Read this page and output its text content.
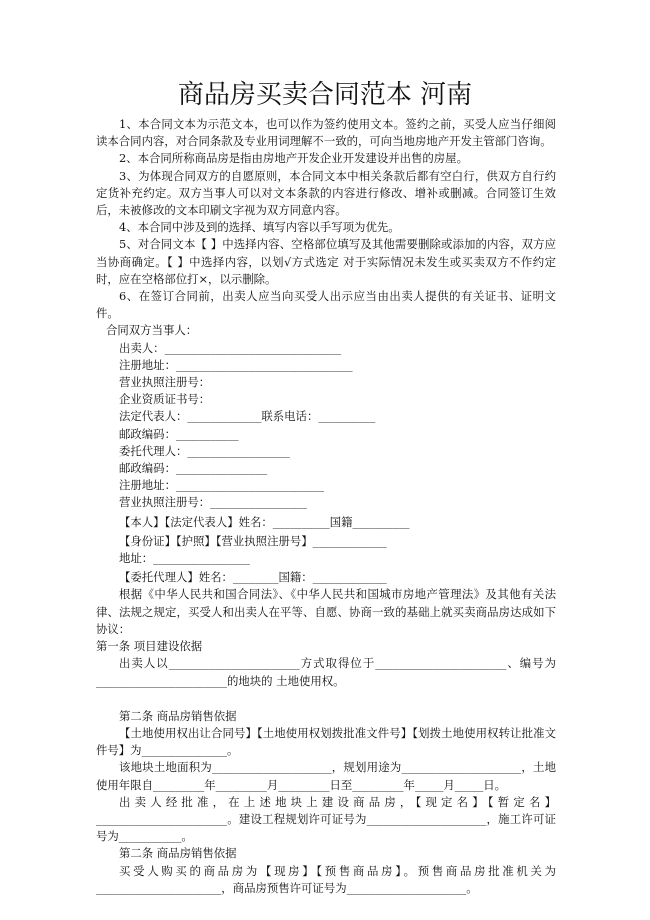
商品房买卖合同范本 河南

1、本合同文本为示范文本，也可以作为签约使用文本。签约之前，买受人应当仔细阅读本合同内容，对合同条款及专业用词理解不一致的，可向当地房地产开发主管部门咨询。

2、本合同所称商品房是指由房地产开发企业开发建设并出售的房屋。

3、为体现合同双方的自愿原则，本合同文本中相关条款后都有空白行，供双方自行约定货补充约定。双方当事人可以对文本条款的内容进行修改、增补或删减。合同签订生效后，未被修改的文本印刷文字视为双方同意内容。

4、本合同中涉及到的选择、填写内容以手写项为优先。

5、对合同文本【 】中选择内容、空格部位填写及其他需要删除或添加的内容，双方应当协商确定。【 】中选择内容，以划√方式选定 对于实际情况未发生或买卖双方不作约定时，应在空格部位打×，以示删除。

6、在签订合同前，出卖人应当向买受人出示应当由出卖人提供的有关证书、证明文件。

合同双方当事人：

出卖人：_______________________________

注册地址：_______________________________

营业执照注册号：

企业资质证书号：

法定代表人：_____________联系电话：__________

邮政编码：___________

委托代理人：__________________

邮政编码：________________

注册地址：__________________________

营业执照注册号：_________________

【本人】【法定代表人】姓名：__________国籍__________

【身份证】【护照】【营业执照注册号】_____________

地址：_________________

【委托代理人】姓名：________国籍：_____________

根据《中华人民共和国合同法》、《中华人民共和国城市房地产管理法》及其他有关法律、法规之规定，买受人和出卖人在平等、自愿、协商一致的基础上就买卖商品房达成如下协议：

第一条 项目建设依据

出卖人以_______________________方式取得位于_______________________、编号为_______________________的地块的 土地使用权。

第二条 商品房销售依据

【土地使用权出让合同号】【土地使用权划拨批准文件号】【划拨土地使用权转让批准文件号】为_______________。

该地块土地面积为_____________________，规划用途为_____________________，土地使用年限自_________年_________月_________日至_________年_____月_____日。

出卖人经批准，在上述地块上建设商品房，【现定名】【暂定名】_______________________。建设工程规划许可证号为_____________________，施工许可证号为___________。

第二条 商品房销售依据

买受人购买的商品房为【现房】【预售商品房】。预售商品房批准机关为______________________，商品房预售许可证号为_____________________。
